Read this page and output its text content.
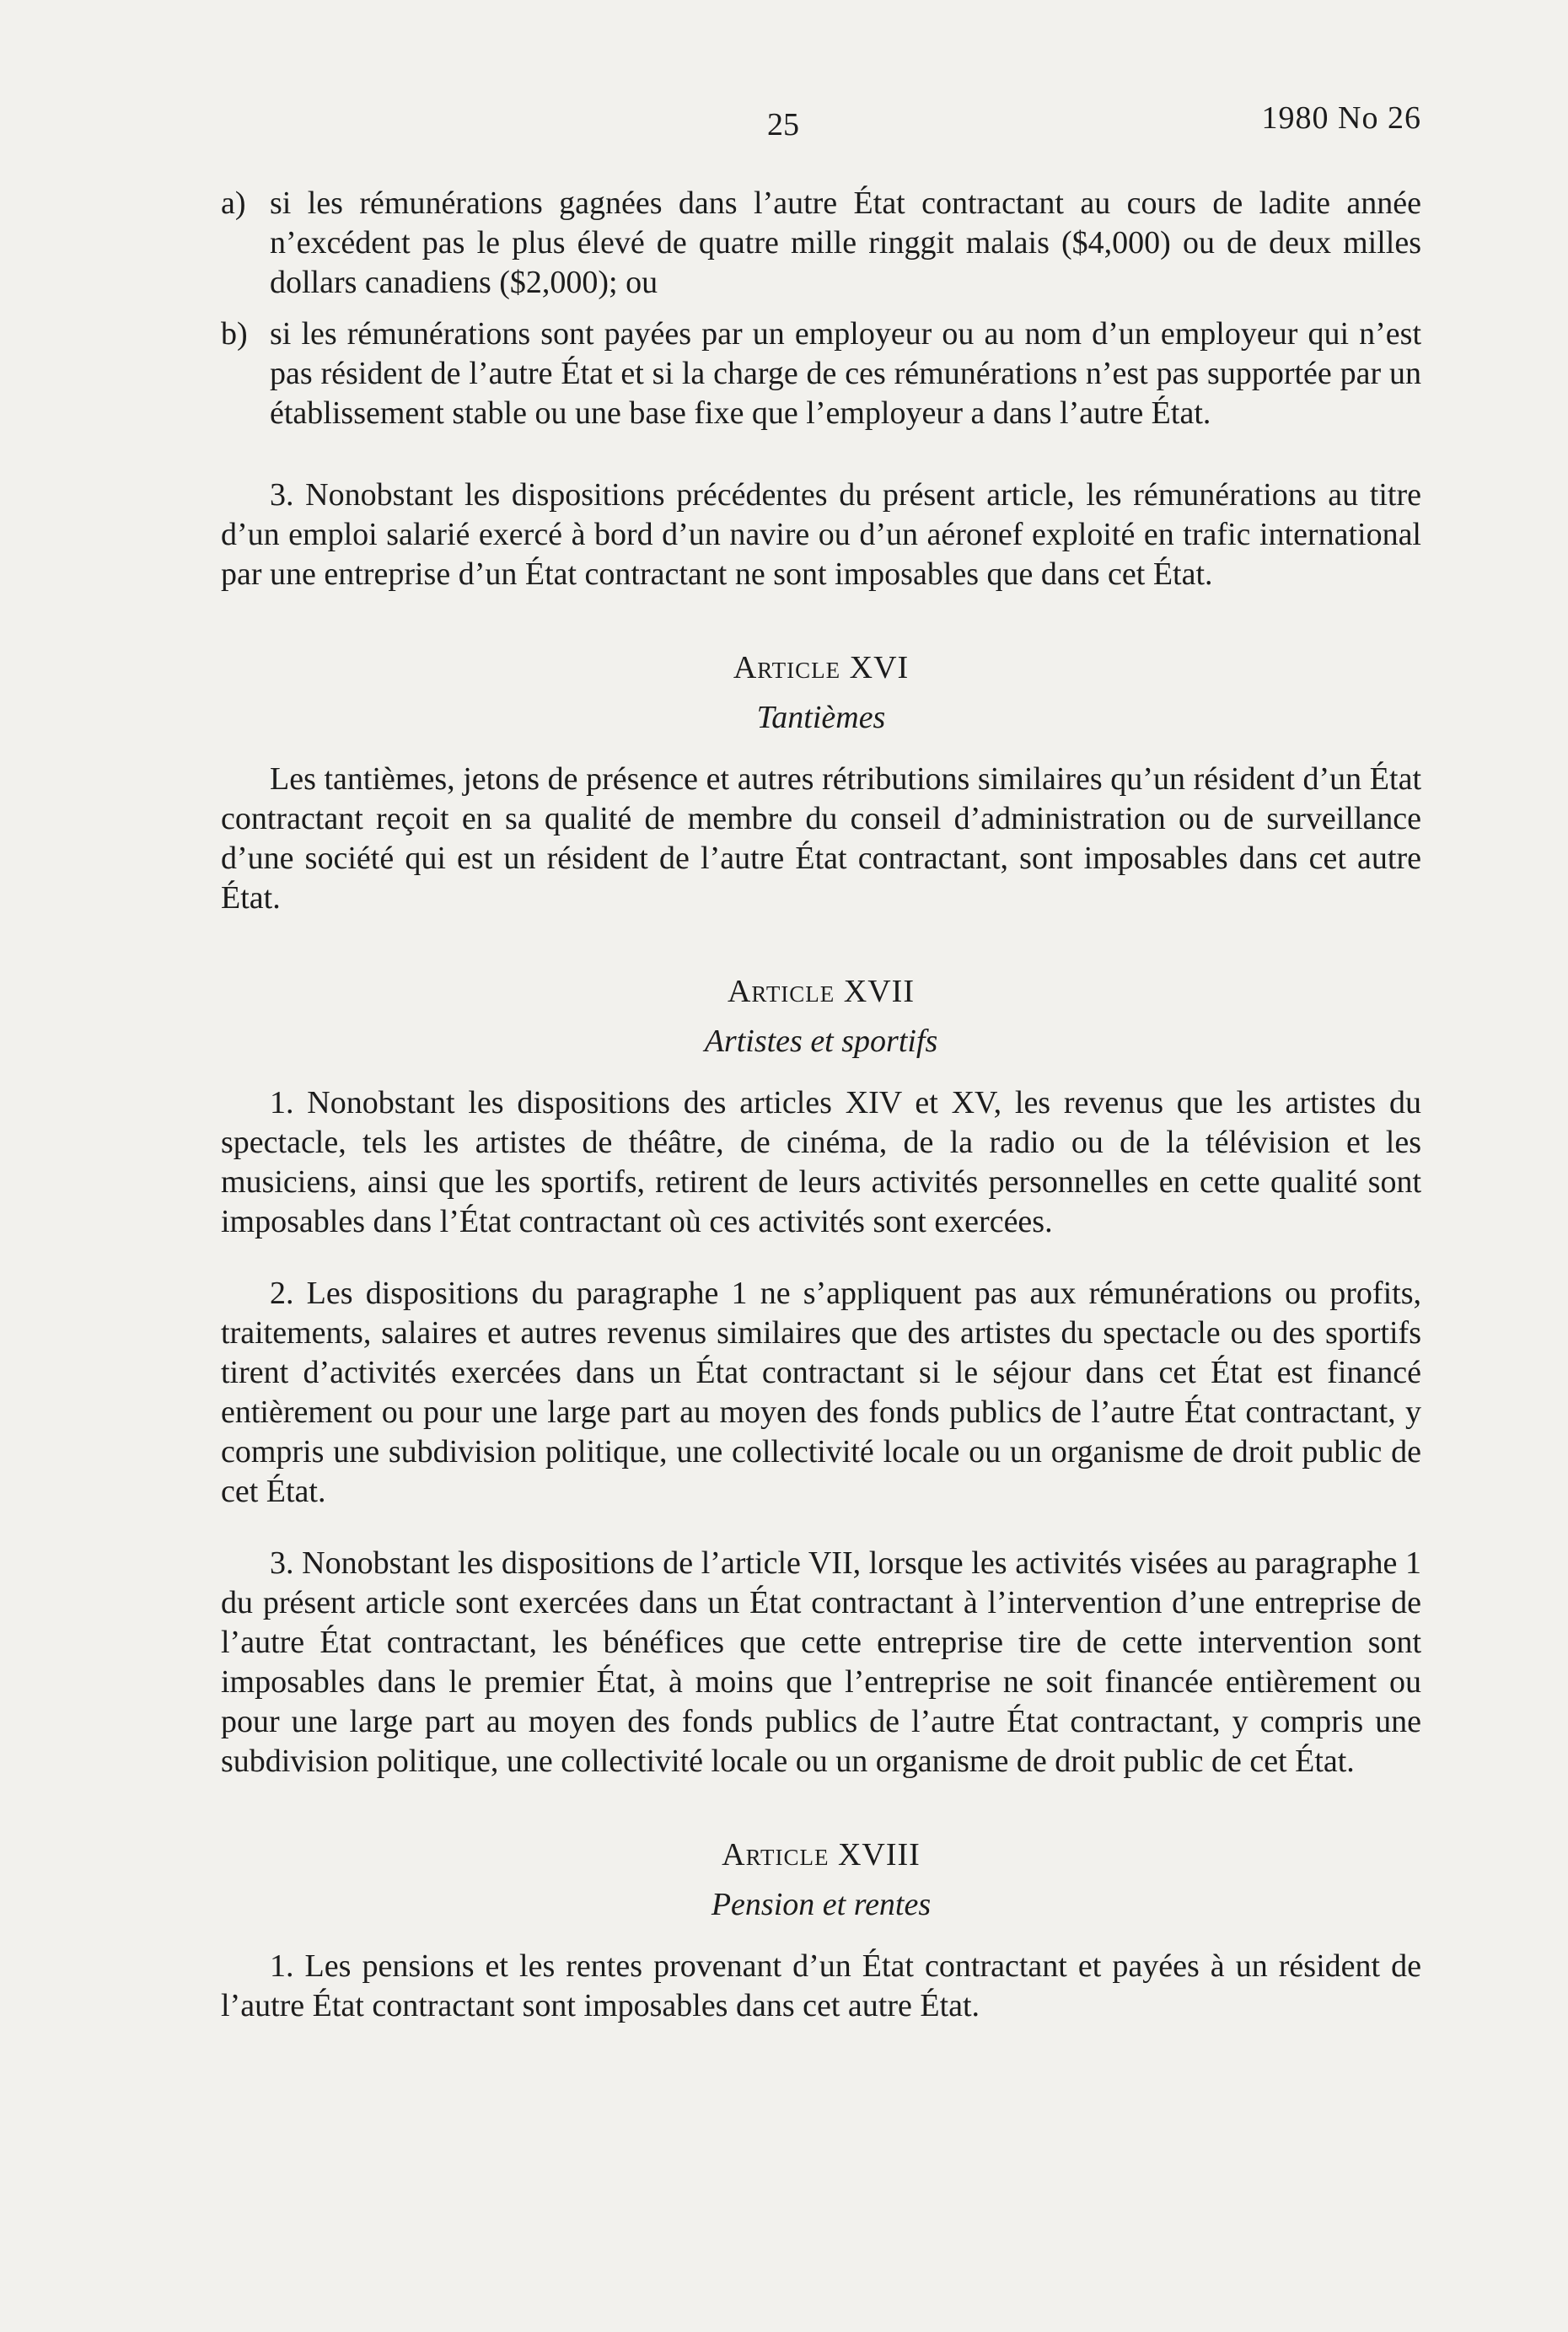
25	1980 No 26
a) si les rémunérations gagnées dans l’autre État contractant au cours de ladite année n’excédent pas le plus élevé de quatre mille ringgit malais ($4,000) ou de deux milles dollars canadiens ($2,000); ou
b) si les rémunérations sont payées par un employeur ou au nom d’un employeur qui n’est pas résident de l’autre État et si la charge de ces rémunérations n’est pas supportée par un établissement stable ou une base fixe que l’employeur a dans l’autre État.

3. Nonobstant les dispositions précédentes du présent article, les rémunérations au titre d’un emploi salarié exercé à bord d’un navire ou d’un aéronef exploité en trafic international par une entreprise d’un État contractant ne sont imposables que dans cet État.

Article XVI
Tantièmes

Les tantièmes, jetons de présence et autres rétributions similaires qu’un résident d’un État contractant reçoit en sa qualité de membre du conseil d’administration ou de surveillance d’une société qui est un résident de l’autre État contractant, sont imposables dans cet autre État.

Article XVII
Artistes et sportifs

1. Nonobstant les dispositions des articles XIV et XV, les revenus que les artistes du spectacle, tels les artistes de théâtre, de cinéma, de la radio ou de la télévision et les musiciens, ainsi que les sportifs, retirent de leurs activités personnelles en cette qualité sont imposables dans l’État contractant où ces activités sont exercées.

2. Les dispositions du paragraphe 1 ne s’appliquent pas aux rémunérations ou profits, traitements, salaires et autres revenus similaires que des artistes du spectacle ou des sportifs tirent d’activités exercées dans un État contractant si le séjour dans cet État est financé entièrement ou pour une large part au moyen des fonds publics de l’autre État contractant, y compris une subdivision politique, une collectivité locale ou un organisme de droit public de cet État.

3. Nonobstant les dispositions de l’article VII, lorsque les activités visées au paragraphe 1 du présent article sont exercées dans un État contractant à l’intervention d’une entreprise de l’autre État contractant, les bénéfices que cette entreprise tire de cette intervention sont imposables dans le premier État, à moins que l’entreprise ne soit financée entièrement ou pour une large part au moyen des fonds publics de l’autre État contractant, y compris une subdivision politique, une collectivité locale ou un organisme de droit public de cet État.

Article XVIII
Pension et rentes

1. Les pensions et les rentes provenant d’un État contractant et payées à un résident de l’autre État contractant sont imposables dans cet autre État.
